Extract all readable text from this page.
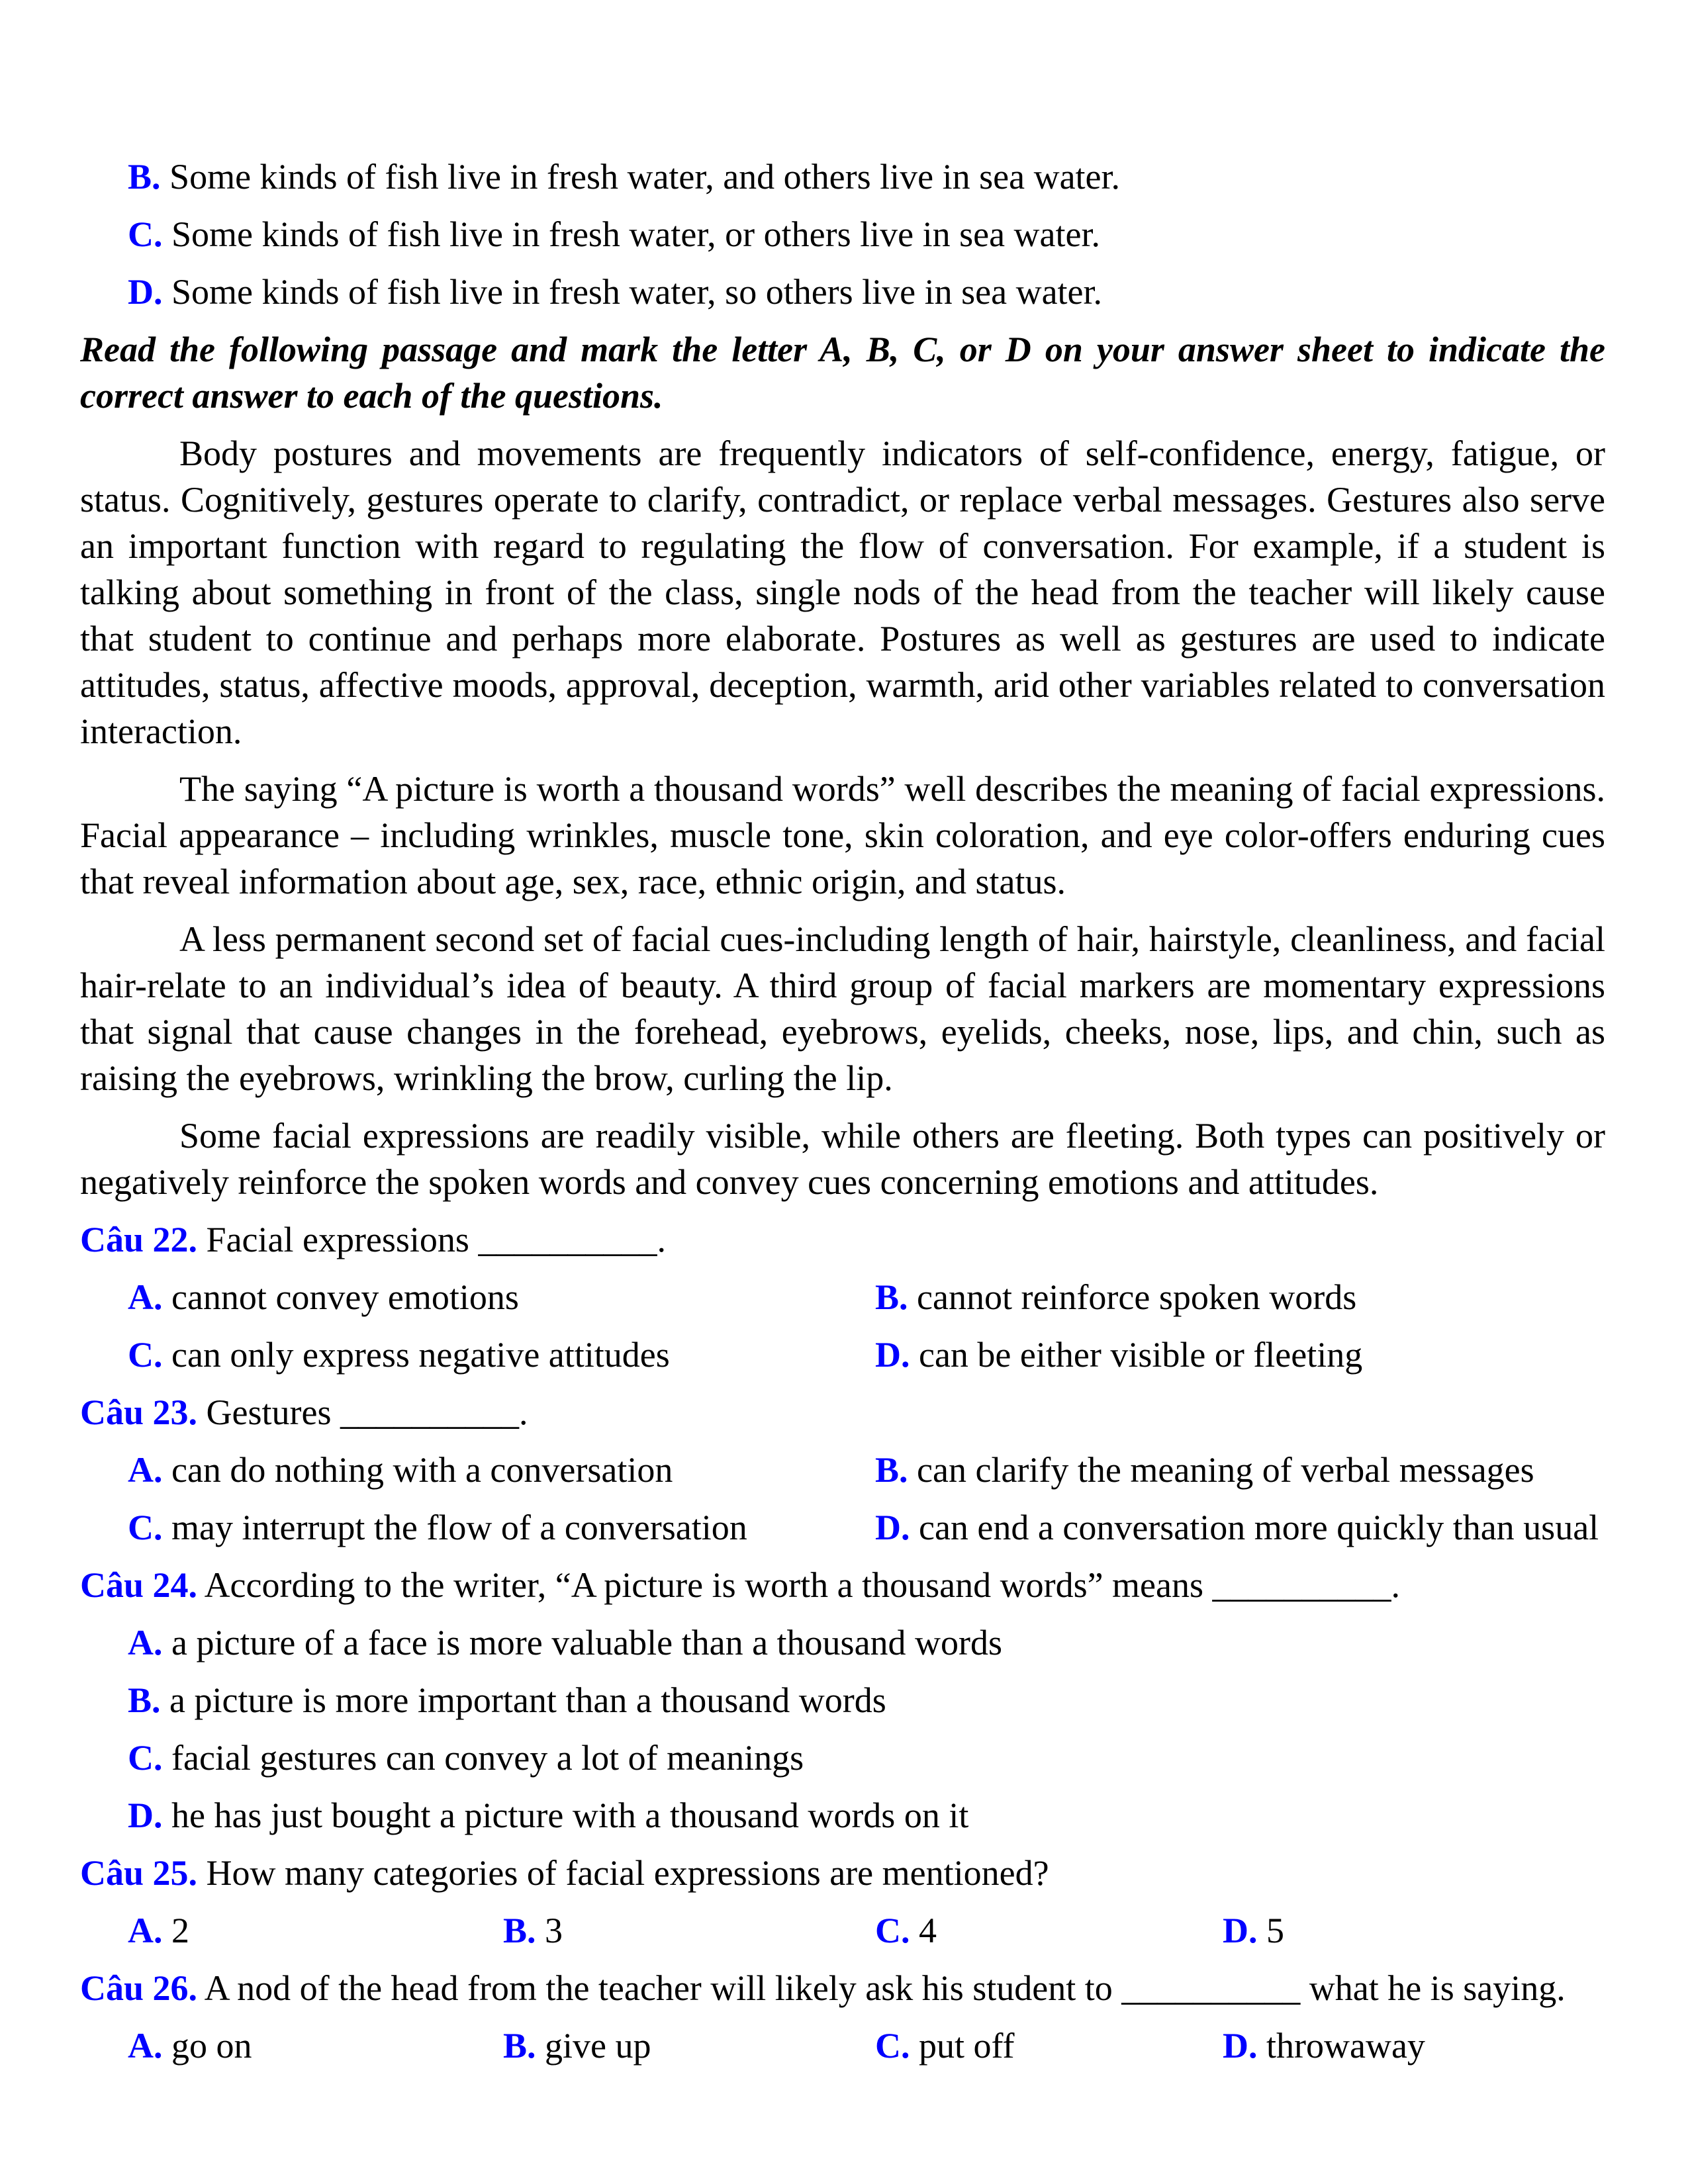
B. Some kinds of fish live in fresh water, and others live in sea water.
C. Some kinds of fish live in fresh water, or others live in sea water.
D. Some kinds of fish live in fresh water, so others live in sea water.
Read the following passage and mark the letter A, B, C, or D on your answer sheet to indicate the correct answer to each of the questions.
Body postures and movements are frequently indicators of self-confidence, energy, fatigue, or status. Cognitively, gestures operate to clarify, contradict, or replace verbal messages. Gestures also serve an important function with regard to regulating the flow of conversation. For example, if a student is talking about something in front of the class, single nods of the head from the teacher will likely cause that student to continue and perhaps more elaborate. Postures as well as gestures are used to indicate attitudes, status, affective moods, approval, deception, warmth, arid other variables related to conversation interaction.
The saying “A picture is worth a thousand words” well describes the meaning of facial expressions. Facial appearance – including wrinkles, muscle tone, skin coloration, and eye color-offers enduring cues that reveal information about age, sex, race, ethnic origin, and status.
A less permanent second set of facial cues-including length of hair, hairstyle, cleanliness, and facial hair-relate to an individual’s idea of beauty. A third group of facial markers are momentary expressions that signal that cause changes in the forehead, eyebrows, eyelids, cheeks, nose, lips, and chin, such as raising the eyebrows, wrinkling the brow, curling the lip.
Some facial expressions are readily visible, while others are fleeting. Both types can positively or negatively reinforce the spoken words and convey cues concerning emotions and attitudes.
Câu 22. Facial expressions __________.
A. cannot convey emotions	B. cannot reinforce spoken words
C. can only express negative attitudes	D. can be either visible or fleeting
Câu 23. Gestures __________.
A. can do nothing with a conversation	B. can clarify the meaning of verbal messages
C. may interrupt the flow of a conversation	D. can end a conversation more quickly than usual
Câu 24. According to the writer, “A picture is worth a thousand words” means __________.
A. a picture of a face is more valuable than a thousand words
B. a picture is more important than a thousand words
C. facial gestures can convey a lot of meanings
D. he has just bought a picture with a thousand words on it
Câu 25. How many categories of facial expressions are mentioned?
A. 2	B. 3	C. 4	D. 5
Câu 26. A nod of the head from the teacher will likely ask his student to __________ what he is saying.
A. go on	B. give up	C. put off	D. throwaway
